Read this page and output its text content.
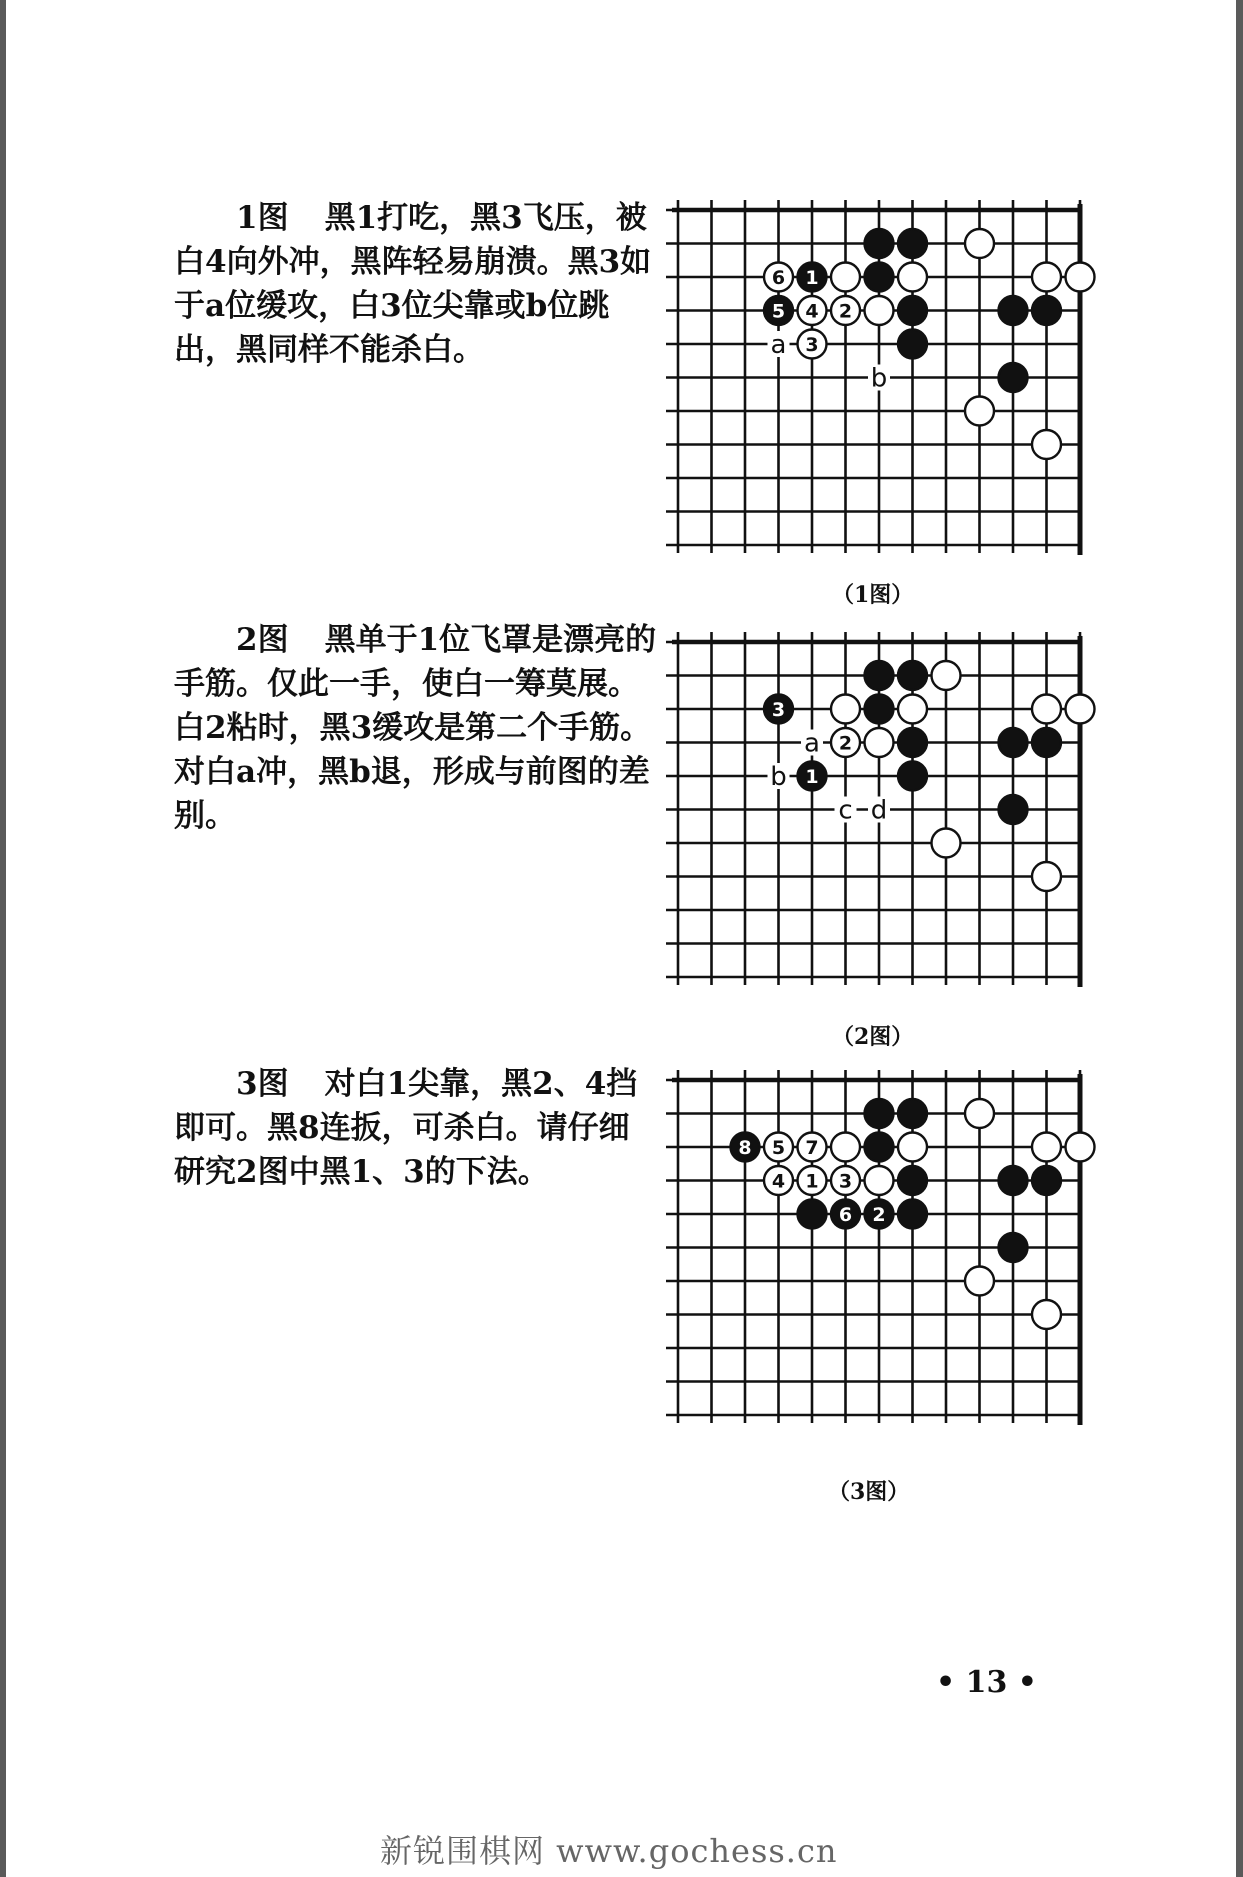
1图 黑1打吃，黑3飞压，被白4向外冲，黑阵轻易崩溃。黑3如于a位缓攻，白3位尖靠或b位跳出，黑同样不能杀白。

2图 黑单于1位飞罩是漂亮的手筋。仅此一手，使白一筹莫展。白2粘时，黑3缓攻是第二个手筋。对白a冲，黑b退，形成与前图的差别。

3图 对白1尖靠，黑2、4挡即可。黑8连扳，可杀白。请仔细研究2图中黑1、3的下法。

6 1
5 4 2
3
a
b
（1图）
3
2
1
a
b
c d
（2图）
8 5 7
4 1 3
6 2
（3图）
• 13 •
新锐围棋网 www.gochess.cn
